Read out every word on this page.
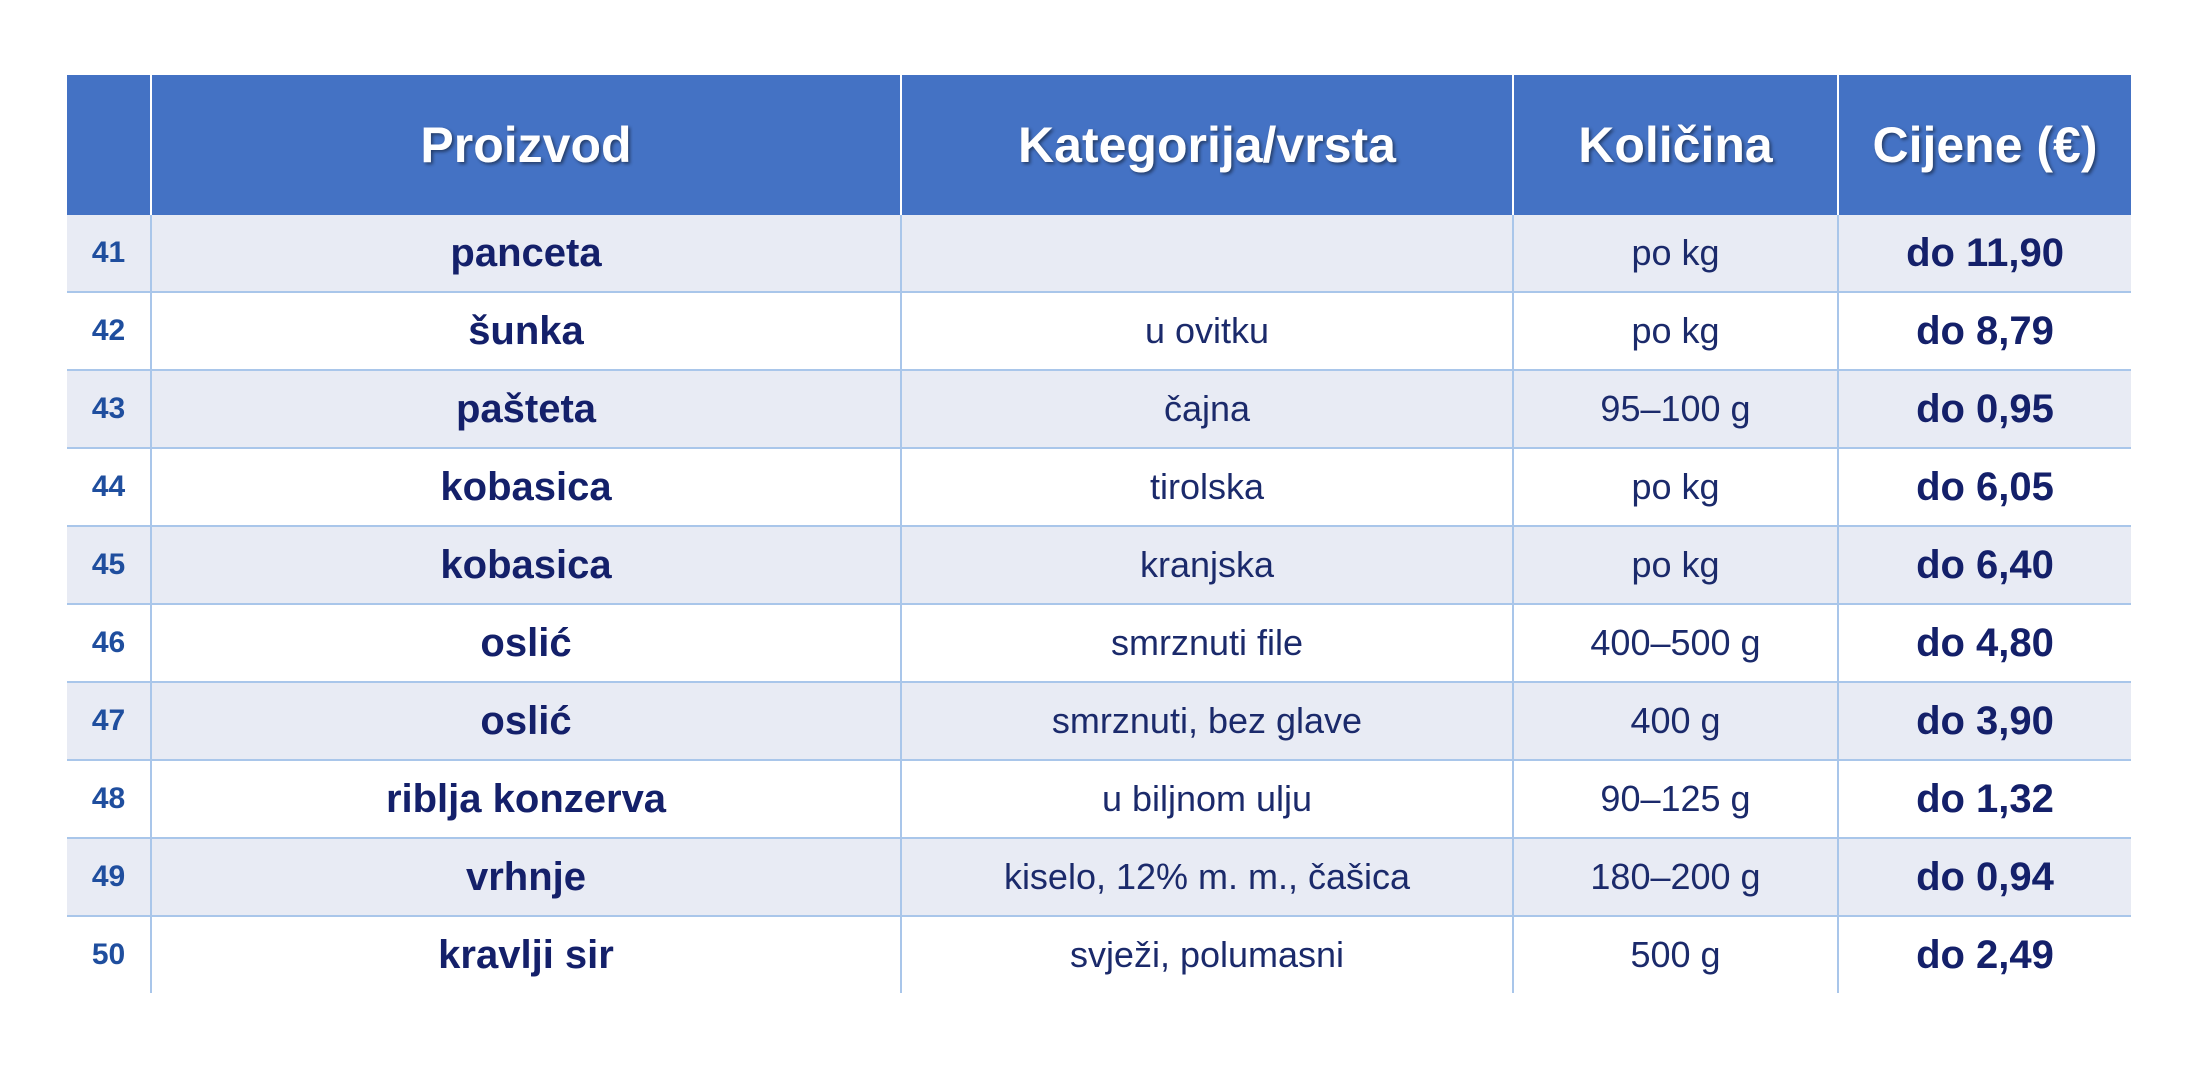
	Proizvod	Kategorija/vrsta	Količina	Cijene (€)
41	panceta		po kg	do 11,90
42	šunka	u ovitku	po kg	do 8,79
43	pašteta	čajna	95–100 g	do 0,95
44	kobasica	tirolska	po kg	do 6,05
45	kobasica	kranjska	po kg	do 6,40
46	oslić	smrznuti file	400–500 g	do 4,80
47	oslić	smrznuti, bez glave	400 g	do 3,90
48	riblja konzerva	u biljnom ulju	90–125 g	do 1,32
49	vrhnje	kiselo, 12% m. m., čašica	180–200 g	do 0,94
50	kravlji sir	svježi, polumasni	500 g	do 2,49
